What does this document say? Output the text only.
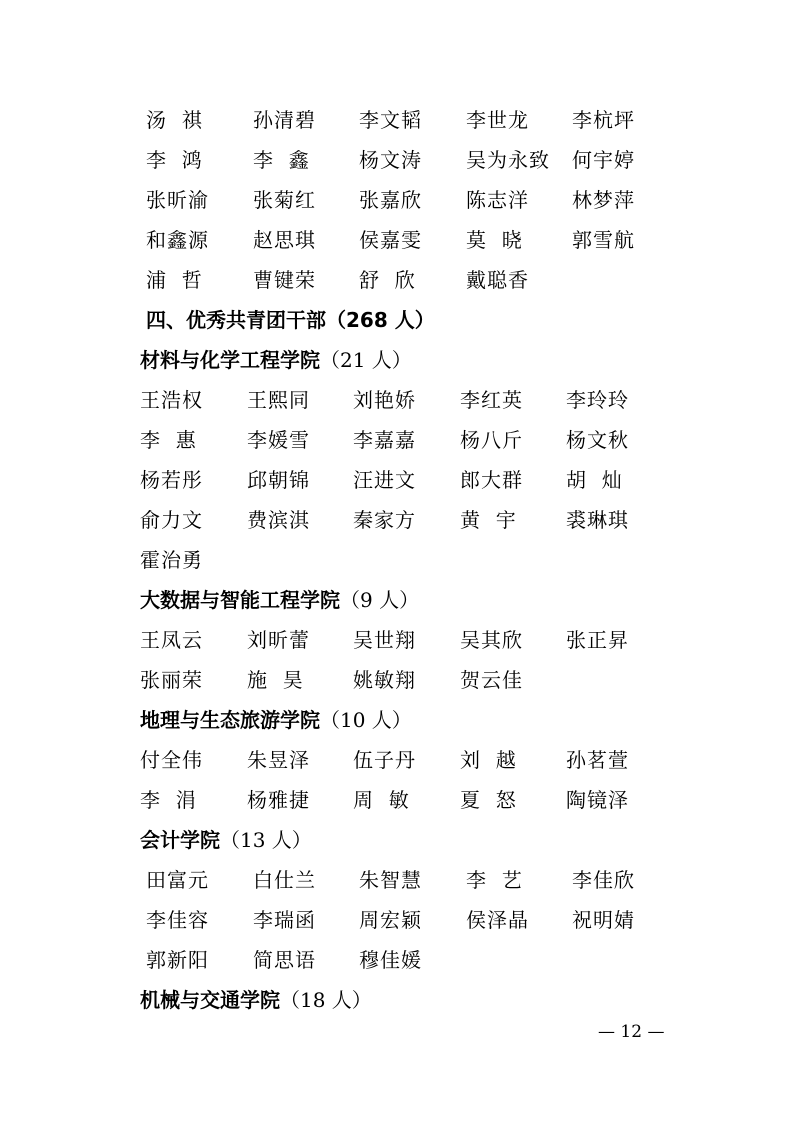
汤  祺	孙清碧 李文韬 李世龙 李杭坪
李  鸿	李  鑫 杨文涛 吴为永致 何宇婷
张昕渝 张菊红 张嘉欣 陈志洋 林梦萍
和鑫源 赵思琪 侯嘉雯 莫  晓 郭雪航
浦  哲	曹键荣 舒  欣	戴聪香
四、优秀共青团干部（268 人）
材料与化学工程学院（21 人）
王浩权 王熙同 刘艳娇 李红英 李玲玲
李  惠	李媛雪 李嘉嘉 杨八斤 杨文秋
杨若彤 邱朝锦 汪进文 郎大群 胡  灿
俞力文 费滨淇 秦家方 黄  宇 裘琳琪
霍治勇
大数据与智能工程学院（9 人）
王凤云 刘昕蕾 吴世翔 吴其欣 张正昇
张丽荣 施  昊 姚敏翔 贺云佳
地理与生态旅游学院（10 人）
付全伟 朱昱泽 伍子丹 刘  越 孙茗萱
李  涓	杨雅捷 周  敏	夏  怒 陶镜泽
会计学院（13 人）
田富元 白仕兰 朱智慧 李  艺 李佳欣
李佳容 李瑞函 周宏颖 侯泽晶 祝明婧
郭新阳 简思语 穆佳媛
机械与交通学院（18 人）
— 12 —
